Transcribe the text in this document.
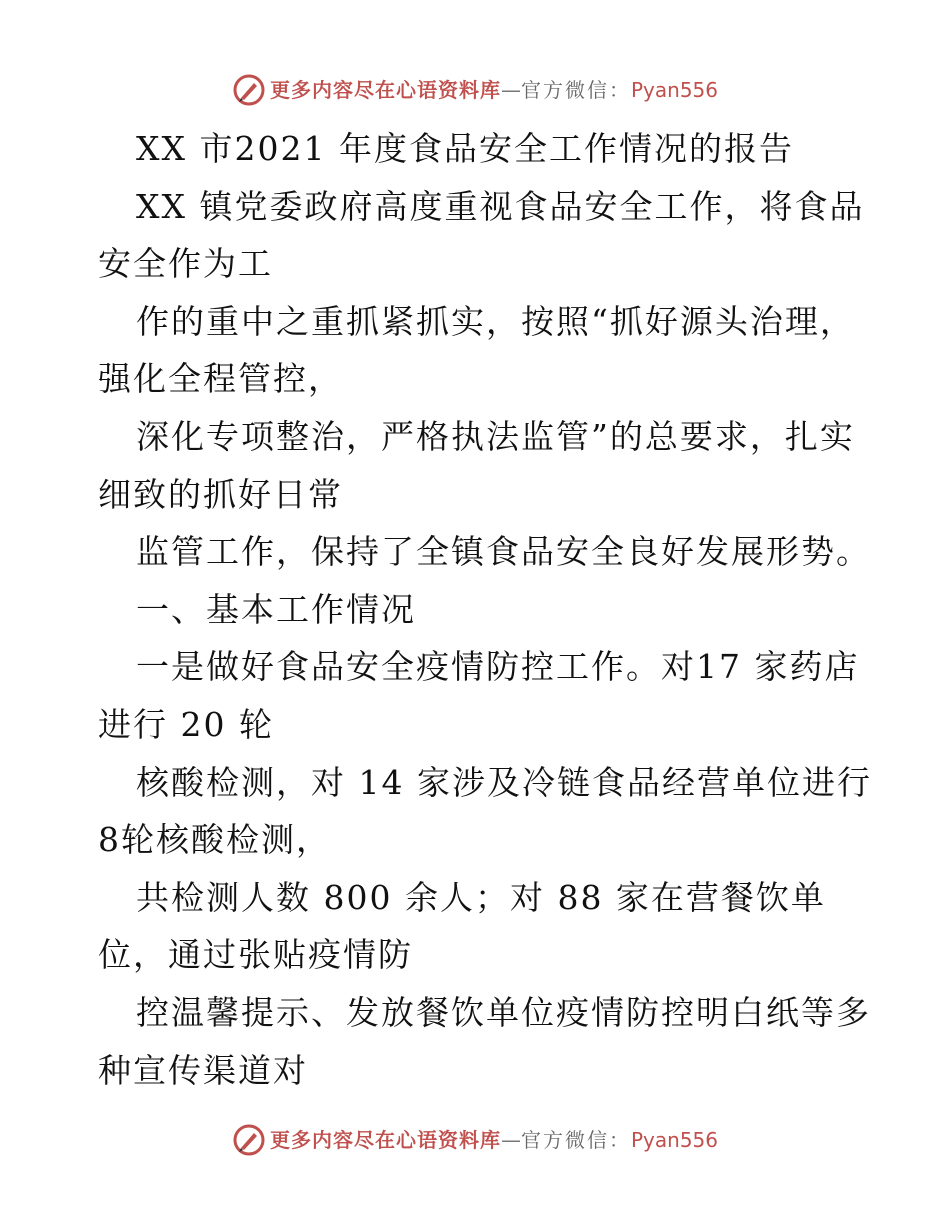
更多内容尽在心语资料库 — 官方微信： Pyan556
XX 市2021 年度食品安全工作情况的报告
XX 镇党委政府高度重视食品安全工作，将食品
安全作为工
作的重中之重抓紧抓实，按照“抓好源头治理，
强化全程管控，
深化专项整治，严格执法监管”的总要求，扎实
细致的抓好日常
监管工作，保持了全镇食品安全良好发展形势。
一、基本工作情况
一是做好食品安全疫情防控工作。对17 家药店
进行 20 轮
核酸检测，对 14 家涉及冷链食品经营单位进行
8轮核酸检测，
共检测人数 800 余人；对 88 家在营餐饮单
位，通过张贴疫情防
控温馨提示、发放餐饮单位疫情防控明白纸等多
种宣传渠道对
更多内容尽在心语资料库 — 官方微信： Pyan556
